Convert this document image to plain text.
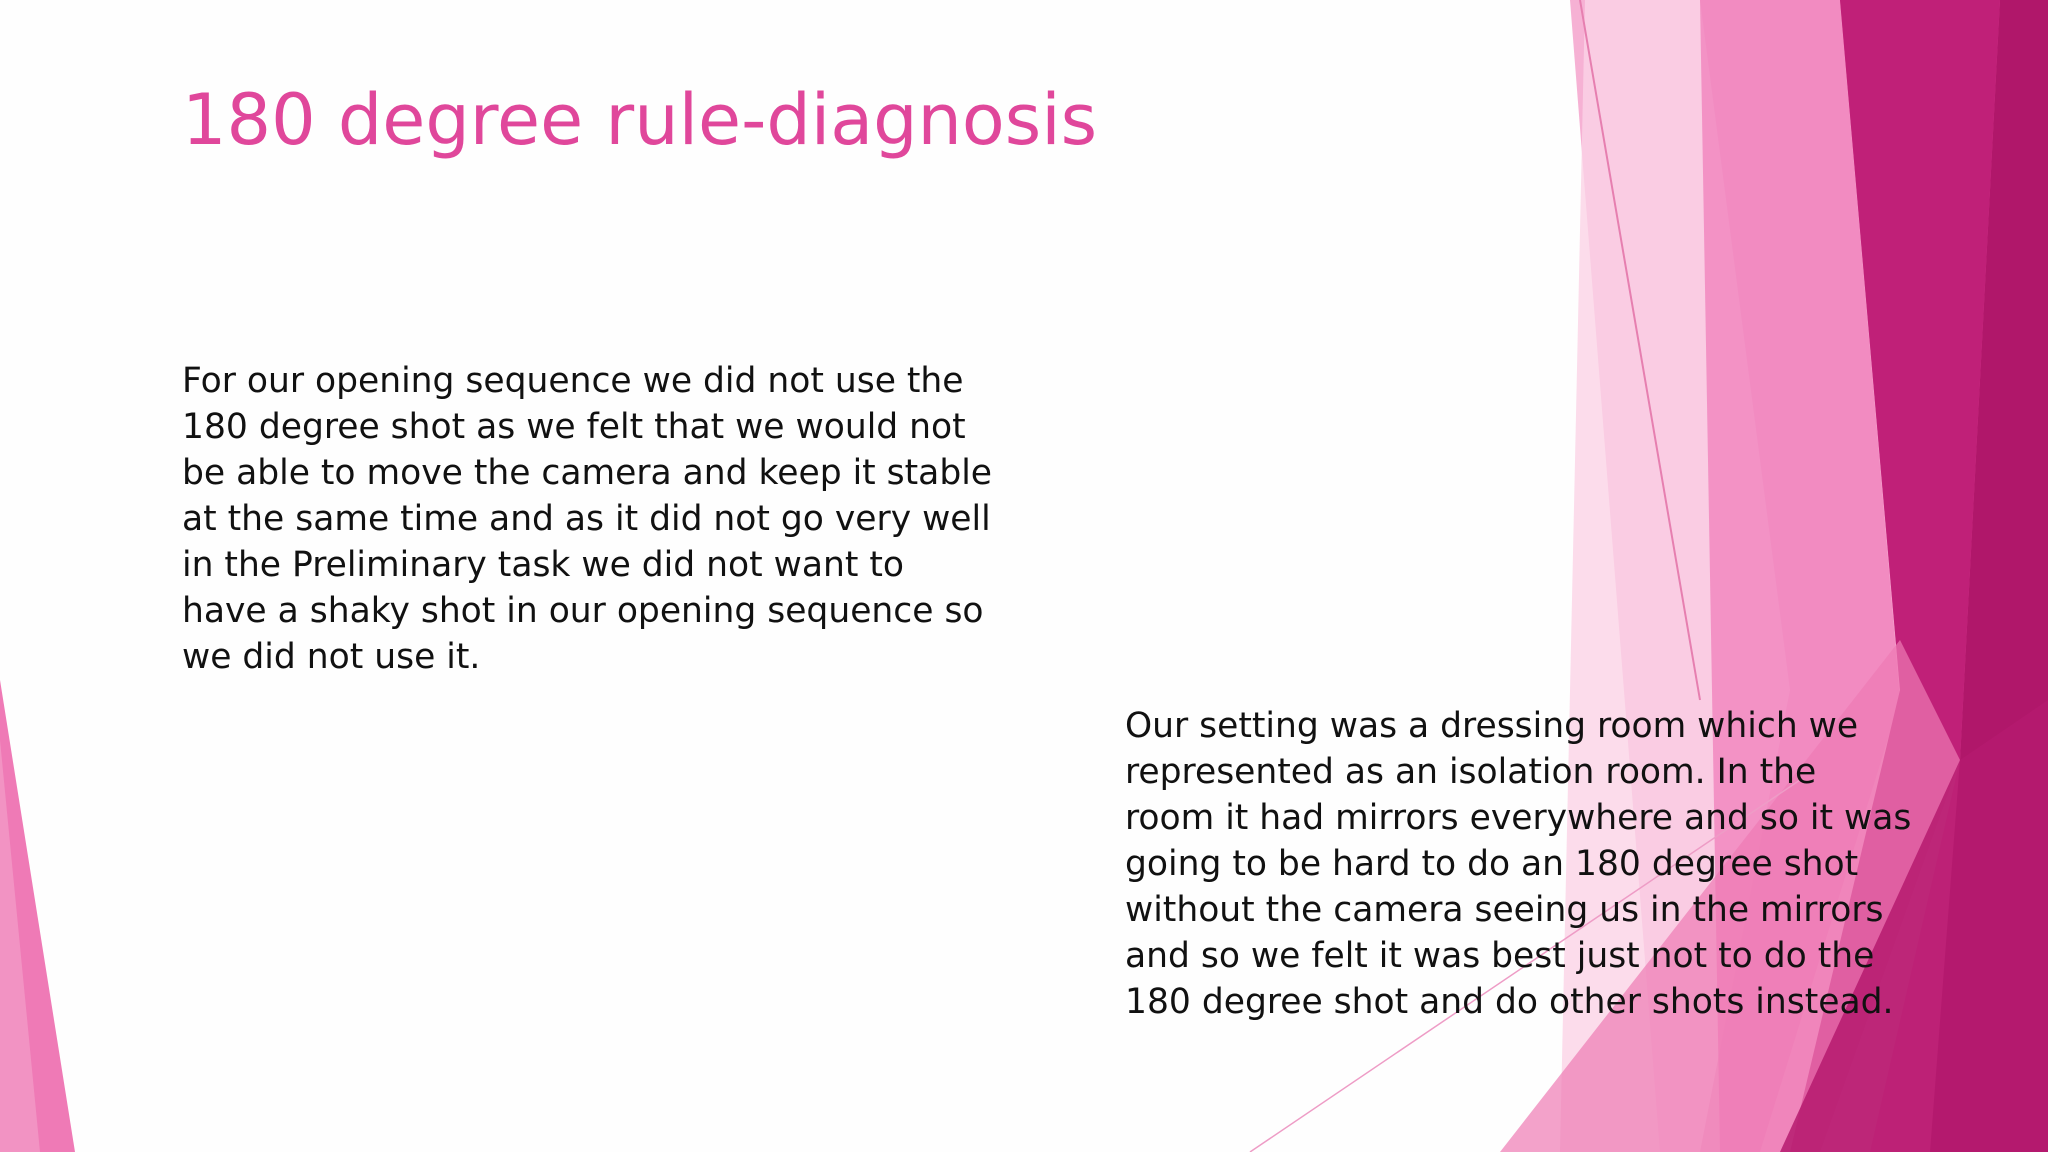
180 degree rule-diagnosis

For our opening sequence we did not use the
180 degree shot as we felt that we would not
be able to move the camera and keep it stable
at the same time and as it did not go very well
in the Preliminary task we did not want to
have a shaky shot in our opening sequence so
we did not use it.

Our setting was a dressing room which we
represented as an isolation room. In the
room it had mirrors everywhere and so it was
going to be hard to do an 180 degree shot
without the camera seeing us in the mirrors
and so we felt it was best just not to do the
180 degree shot and do other shots instead.
